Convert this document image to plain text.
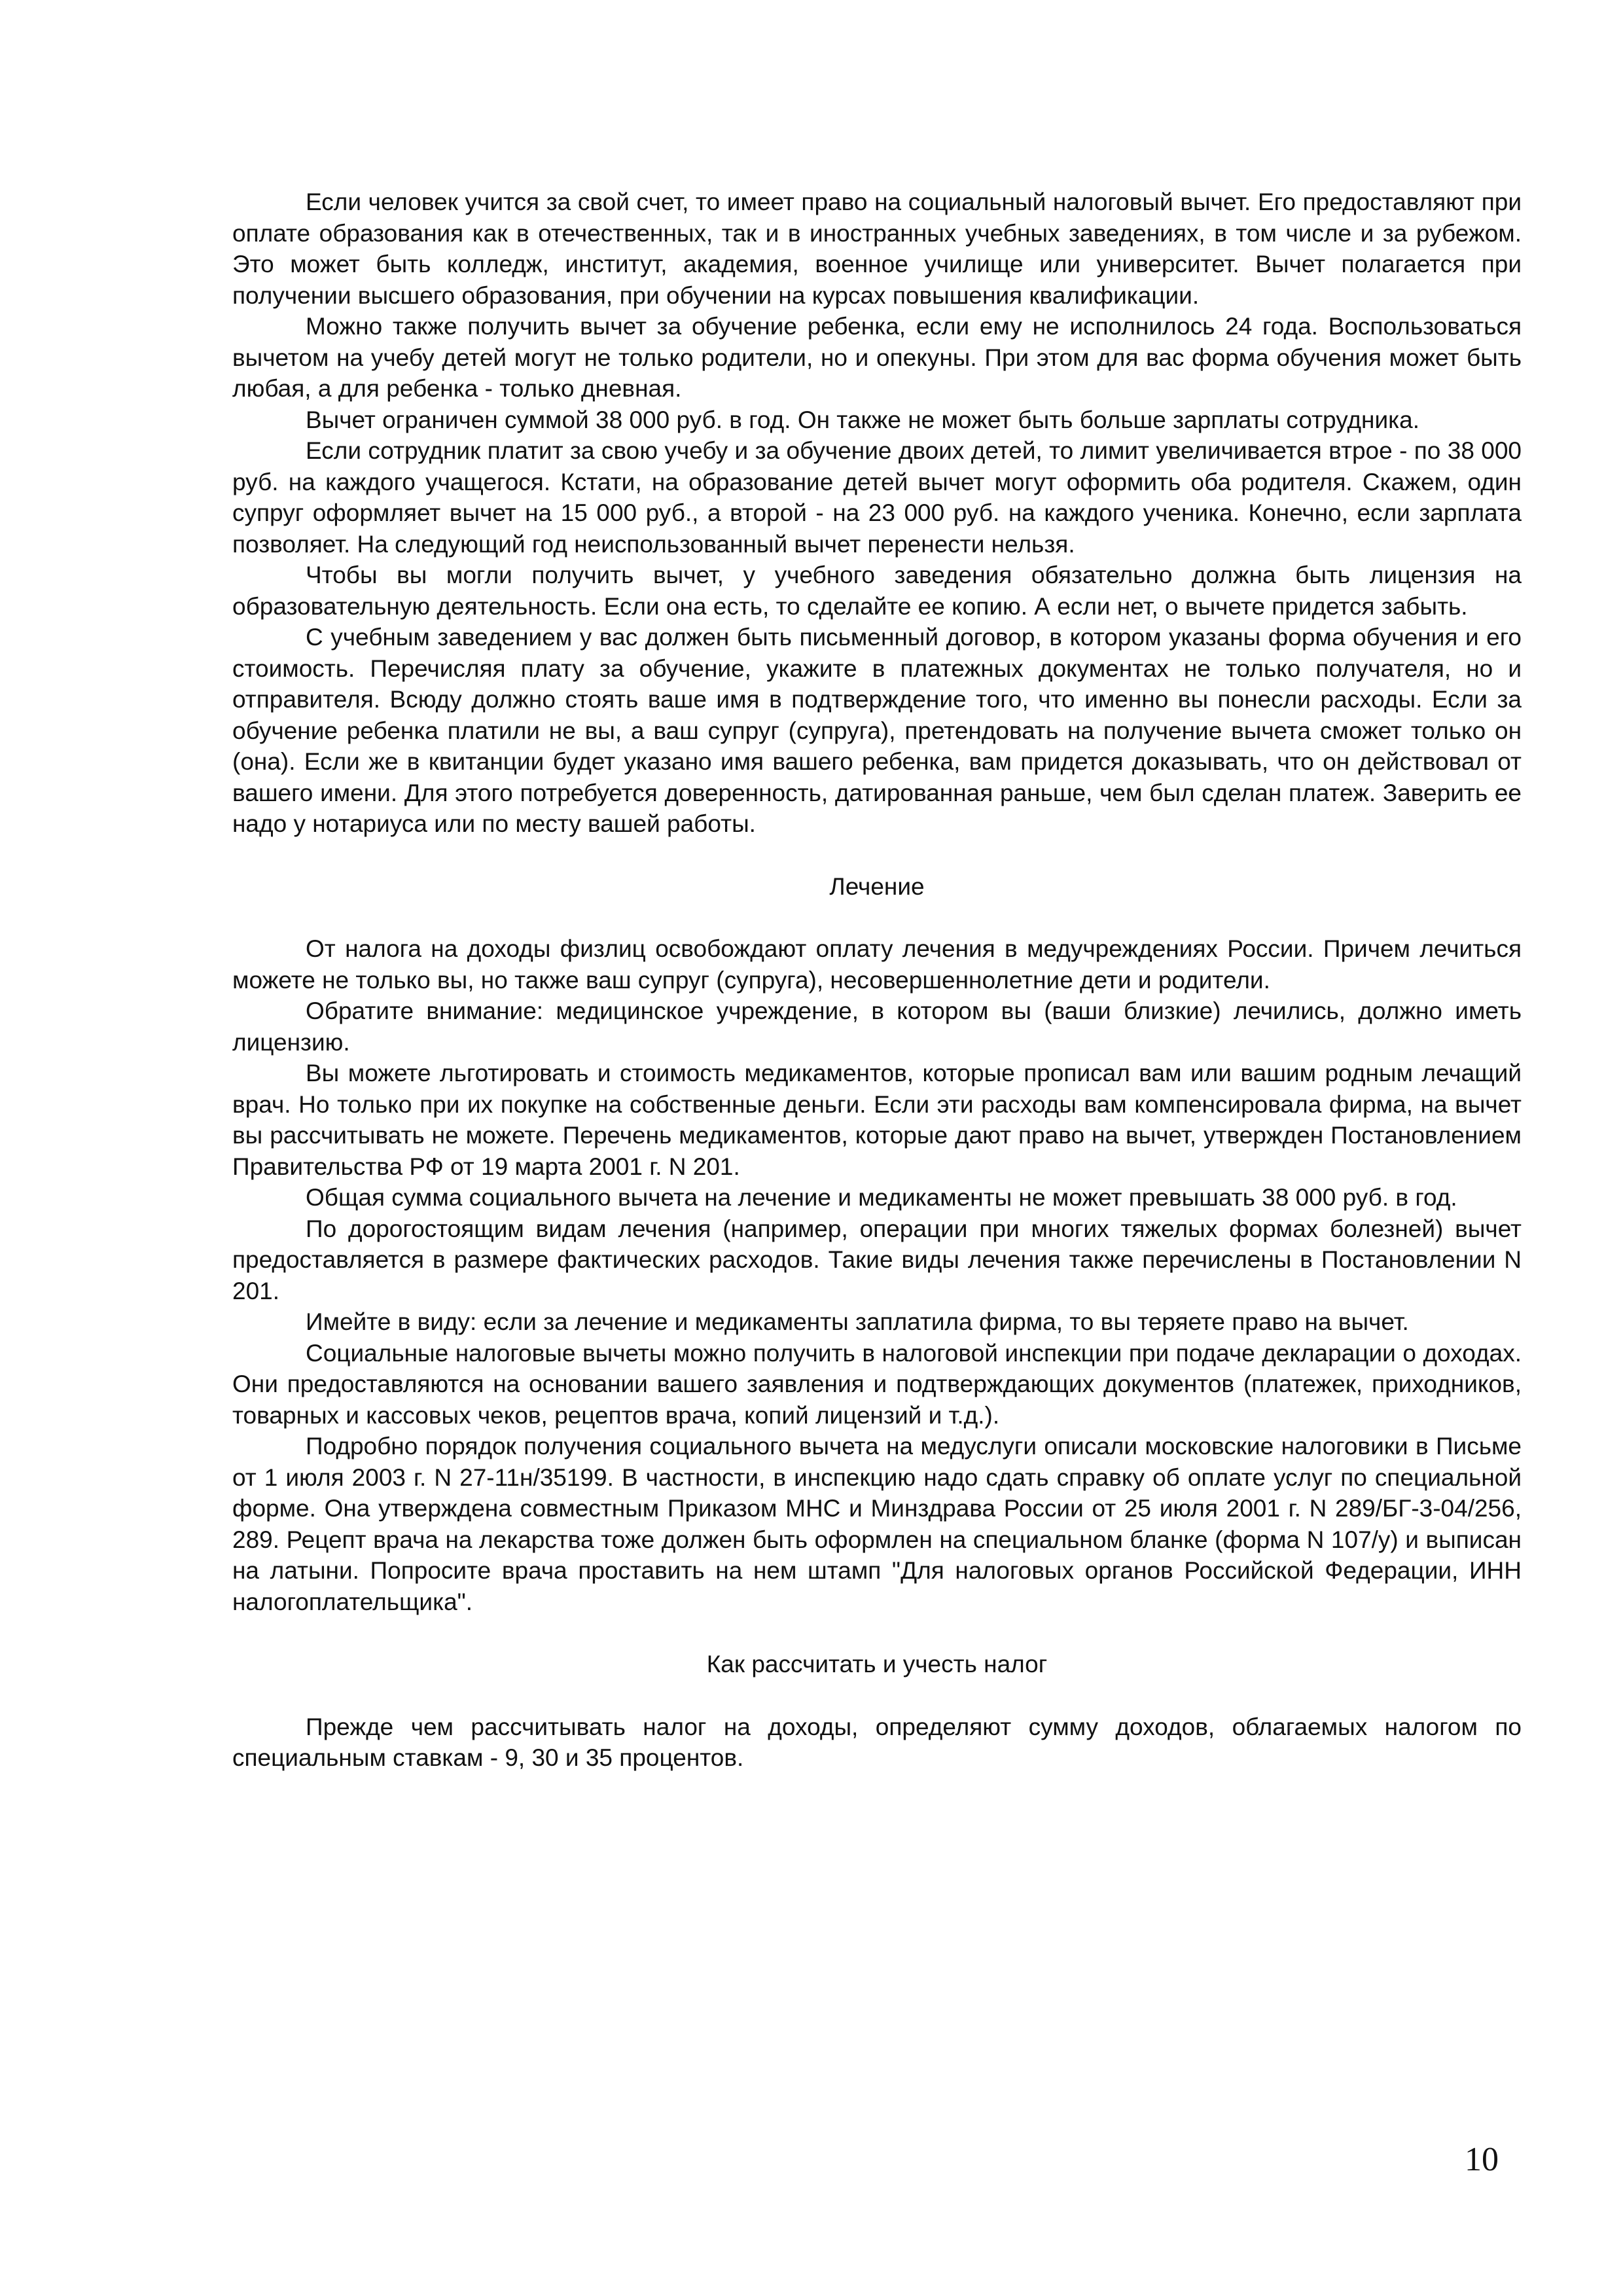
Если человек учится за свой счет, то имеет право на социальный налоговый вычет. Его предоставляют при оплате образования как в отечественных, так и в иностранных учебных заведениях, в том числе и за рубежом. Это может быть колледж, институт, академия, военное училище или университет. Вычет полагается при получении высшего образования, при обучении на курсах повышения квалификации.

Можно также получить вычет за обучение ребенка, если ему не исполнилось 24 года. Воспользоваться вычетом на учебу детей могут не только родители, но и опекуны. При этом для вас форма обучения может быть любая, а для ребенка - только дневная.

Вычет ограничен суммой 38 000 руб. в год. Он также не может быть больше зарплаты сотрудника.

Если сотрудник платит за свою учебу и за обучение двоих детей, то лимит увеличивается втрое - по 38 000 руб. на каждого учащегося. Кстати, на образование детей вычет могут оформить оба родителя. Скажем, один супруг оформляет вычет на 15 000 руб., а второй - на 23 000 руб. на каждого ученика. Конечно, если зарплата позволяет. На следующий год неиспользованный вычет перенести нельзя.

Чтобы вы могли получить вычет, у учебного заведения обязательно должна быть лицензия на образовательную деятельность. Если она есть, то сделайте ее копию. А если нет, о вычете придется забыть.

С учебным заведением у вас должен быть письменный договор, в котором указаны форма обучения и его стоимость. Перечисляя плату за обучение, укажите в платежных документах не только получателя, но и отправителя. Всюду должно стоять ваше имя в подтверждение того, что именно вы понесли расходы. Если за обучение ребенка платили не вы, а ваш супруг (супруга), претендовать на получение вычета сможет только он (она). Если же в квитанции будет указано имя вашего ребенка, вам придется доказывать, что он действовал от вашего имени. Для этого потребуется доверенность, датированная раньше, чем был сделан платеж. Заверить ее надо у нотариуса или по месту вашей работы.

Лечение

От налога на доходы физлиц освобождают оплату лечения в медучреждениях России. Причем лечиться можете не только вы, но также ваш супруг (супруга), несовершеннолетние дети и родители.

Обратите внимание: медицинское учреждение, в котором вы (ваши близкие) лечились, должно иметь лицензию.

Вы можете льготировать и стоимость медикаментов, которые прописал вам или вашим родным лечащий врач. Но только при их покупке на собственные деньги. Если эти расходы вам компенсировала фирма, на вычет вы рассчитывать не можете. Перечень медикаментов, которые дают право на вычет, утвержден Постановлением Правительства РФ от 19 марта 2001 г. N 201.

Общая сумма социального вычета на лечение и медикаменты не может превышать 38 000 руб. в год.

По дорогостоящим видам лечения (например, операции при многих тяжелых формах болезней) вычет предоставляется в размере фактических расходов. Такие виды лечения также перечислены в Постановлении N 201.

Имейте в виду: если за лечение и медикаменты заплатила фирма, то вы теряете право на вычет.

Социальные налоговые вычеты можно получить в налоговой инспекции при подаче декларации о доходах. Они предоставляются на основании вашего заявления и подтверждающих документов (платежек, приходников, товарных и кассовых чеков, рецептов врача, копий лицензий и т.д.).

Подробно порядок получения социального вычета на медуслуги описали московские налоговики в Письме от 1 июля 2003 г. N 27-11н/35199. В частности, в инспекцию надо сдать справку об оплате услуг по специальной форме. Она утверждена совместным Приказом МНС и Минздрава России от 25 июля 2001 г. N 289/БГ-3-04/256, 289. Рецепт врача на лекарства тоже должен быть оформлен на специальном бланке (форма N 107/у) и выписан на латыни. Попросите врача проставить на нем штамп "Для налоговых органов Российской Федерации, ИНН налогоплательщика".

Как рассчитать и учесть налог

Прежде чем рассчитывать налог на доходы, определяют сумму доходов, облагаемых налогом по специальным ставкам - 9, 30 и 35 процентов.

10
